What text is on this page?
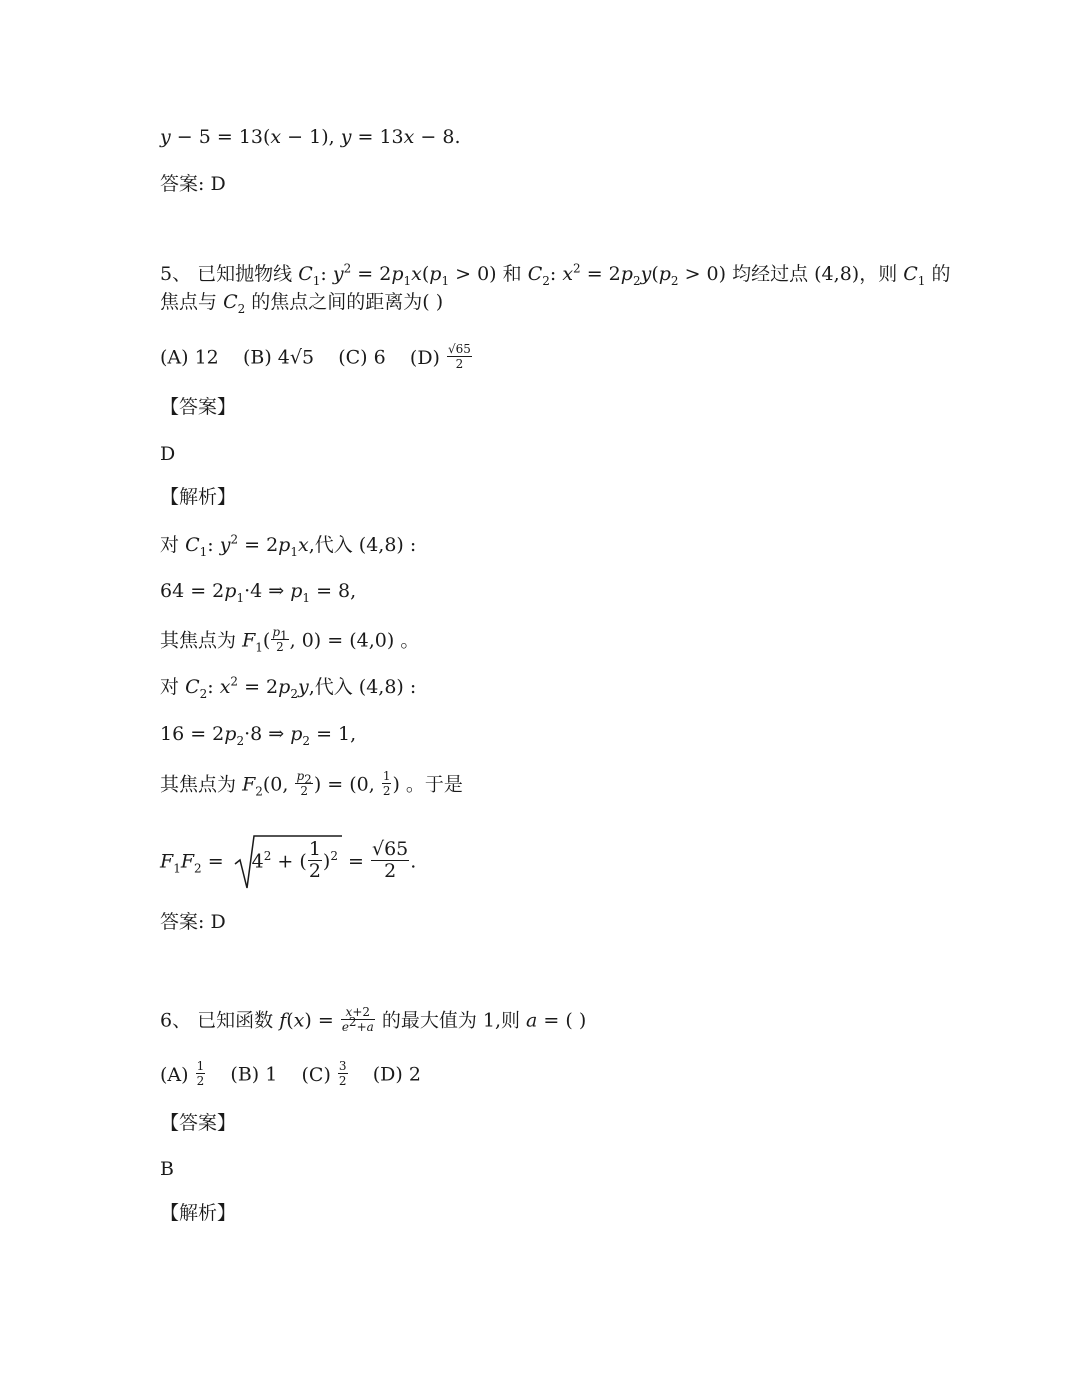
y − 5 = 13(x − 1), y = 13x − 8.
答案: D
5、 已知抛物线 $C_1$: $y^2 = 2p_1x(p_1 > 0)$ 和 $C_2$: $x^2 = 2p_2y(p_2 > 0)$ 均经过点 (4,8)，则 $C_1$ 的
焦点与 $C_2$ 的焦点之间的距离为( )
(A) 12 (B) 4√5 (C) 6 $(D) \frac{√65}{2}$
【答案】
D
【解析】
对 $C_1$: $y^2 = 2p_1x$,代入 (4,8) :
$64 = 2p_1\cdot 4$ ⇒ $p_1 = 8$,
其焦点为 $F_1( \frac{p_1}{2}$ , 0) = (4,0) 。
对 $C_2$: $x^2 = 2p_2y$,代入 (4,8) :
$16 = 2p_2\cdot 8$ ⇒ $p_2 = 1$,
其焦点为 $F_2(0$, $\frac{p_2}{2}$ ) = (0, $\frac{1}{2}$ ) 。于是
$F_1F_2$ =
$4^2$ + ( $\frac{1}{2} )^2 = \frac{√65}{2}$ .
答案: D
6、 已知函数 $f(x) = \frac{x+2}{e^2+a}$ 的最大值为 1,则 a = ( )
$(A) \frac{1}{2} (B)$ 1 $(C) \frac{3}{2} (D)$ 2
【答案】
B
【解析】
